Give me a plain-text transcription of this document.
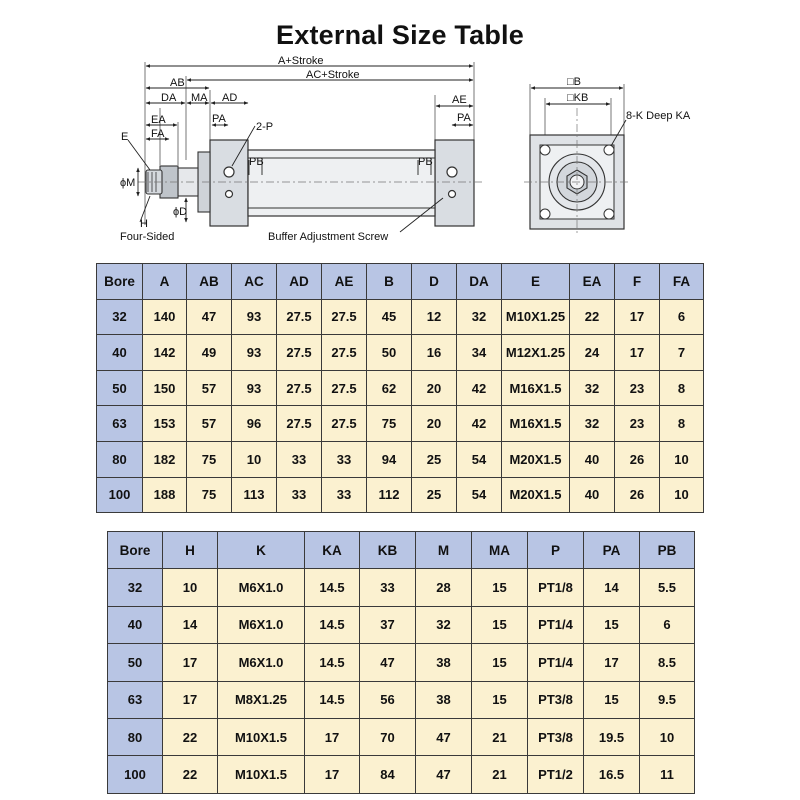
External Size Table
A+Stroke
AC+Stroke
AB
DA MA AD
EA
FA
E
PA
2-P
PB
ϕM
ϕD
H
Four-Sided	Buffer Adjustment Screw
AE
PA
PB
□B
□KB
8-K Deep KA
Bore	A	AB	AC	AD	AE	B	D	DA	E	EA	F	FA
32	140	47	93	27.5	27.5	45	12	32	M10X1.25	22	17	6
40	142	49	93	27.5	27.5	50	16	34	M12X1.25	24	17	7
50	150	57	93	27.5	27.5	62	20	42	M16X1.5	32	23	8
63	153	57	96	27.5	27.5	75	20	42	M16X1.5	32	23	8
80	182	75	10	33	33	94	25	54	M20X1.5	40	26	10
100	188	75	113	33	33	112	25	54	M20X1.5	40	26	10
Bore	H	K	KA	KB	M	MA	P	PA	PB
32	10	M6X1.0	14.5	33	28	15	PT1/8	14	5.5
40	14	M6X1.0	14.5	37	32	15	PT1/4	15	6
50	17	M6X1.0	14.5	47	38	15	PT1/4	17	8.5
63	17	M8X1.25	14.5	56	38	15	PT3/8	15	9.5
80	22	M10X1.5	17	70	47	21	PT3/8	19.5	10
100	22	M10X1.5	17	84	47	21	PT1/2	16.5	11
